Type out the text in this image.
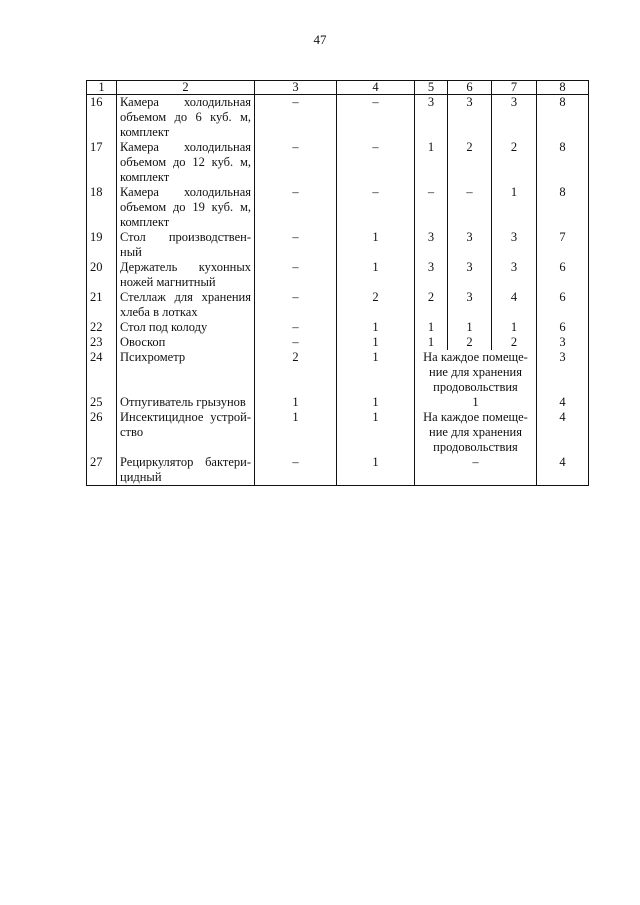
47
1	2	3	4	5	6	7	8
16	Камера холодильная объемом до 6 куб. м, комплект	–	–	3	3	3	8
17	Камера холодильная объемом до 12 куб. м, комплект	–	–	1	2	2	8
18	Камера холодильная объемом до 19 куб. м, комплект	–	–	–	–	1	8
19	Стол производствен-ный	–	1	3	3	3	7
20	Держатель кухонных ножей магнитный	–	1	3	3	3	6
21	Стеллаж для хранения хлеба в лотках	–	2	2	3	4	6
22	Стол под колоду	–	1	1	1	1	6
23	Овоскоп	–	1	1	2	2	3
24	Психрометр	2	1	На каждое помеще-ние для хранения продовольствия			3
25	Отпугиватель грызунов	1	1	1			4
26	Инсектицидное устрой-ство	1	1	На каждое помеще-ние для хранения продовольствия			4
27	Рециркулятор бактери-цидный	–	1	–			4
